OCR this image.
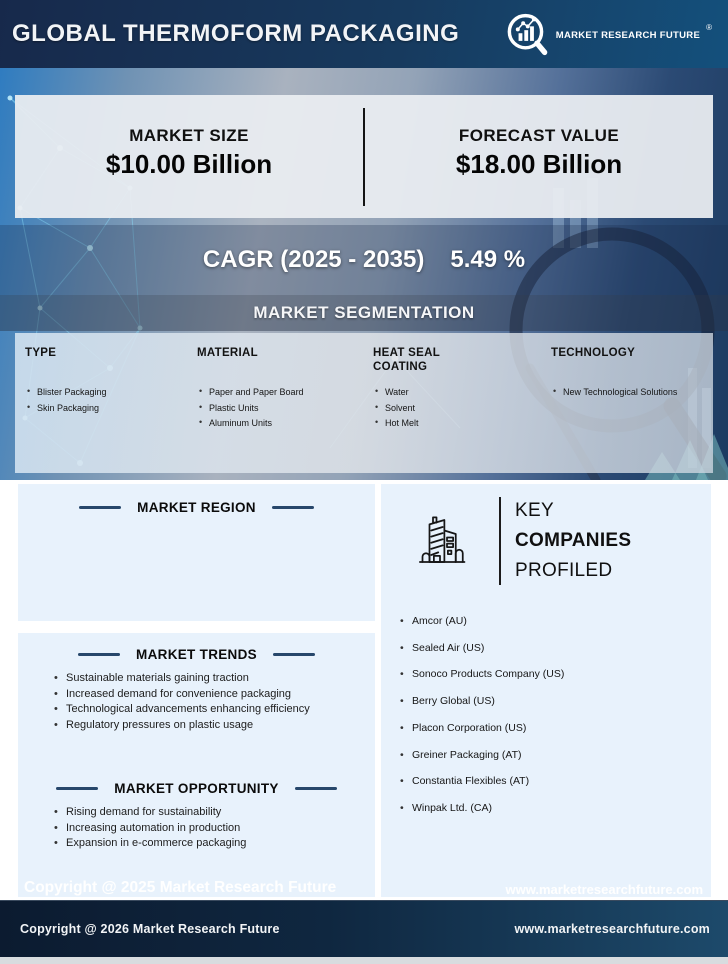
GLOBAL THERMOFORM PACKAGING	MARKET RESEARCH FUTURE
®
MARKET SIZE
$10.00 Billion
FORECAST VALUE
$18.00 Billion
CAGR (2025 - 2035) 5.49 %
MARKET SEGMENTATION
TYPE
• Blister Packaging
• Skin Packaging
MATERIAL
• Paper and Paper Board
• Plastic Units
• Aluminum Units
HEAT SEAL COATING
• Water
• Solvent
• Hot Melt
TECHNOLOGY
• New Technological Solutions
MARKET REGION
MARKET TRENDS
• Sustainable materials gaining traction
• Increased demand for convenience packaging
• Technological advancements enhancing efficiency
• Regulatory pressures on plastic usage
MARKET OPPORTUNITY
• Rising demand for sustainability
• Increasing automation in production
• Expansion in e-commerce packaging
Copyright @ 2025 Market Research Future
KEY
COMPANIES
PROFILED
• Amcor (AU)
• Sealed Air (US)
• Sonoco Products Company (US)
• Berry Global (US)
• Placon Corporation (US)
• Greiner Packaging (AT)
• Constantia Flexibles (AT)
• Winpak Ltd. (CA)
www.marketresearchfuture.com
Copyright @ 2026 Market Research Future	www.marketresearchfuture.com
